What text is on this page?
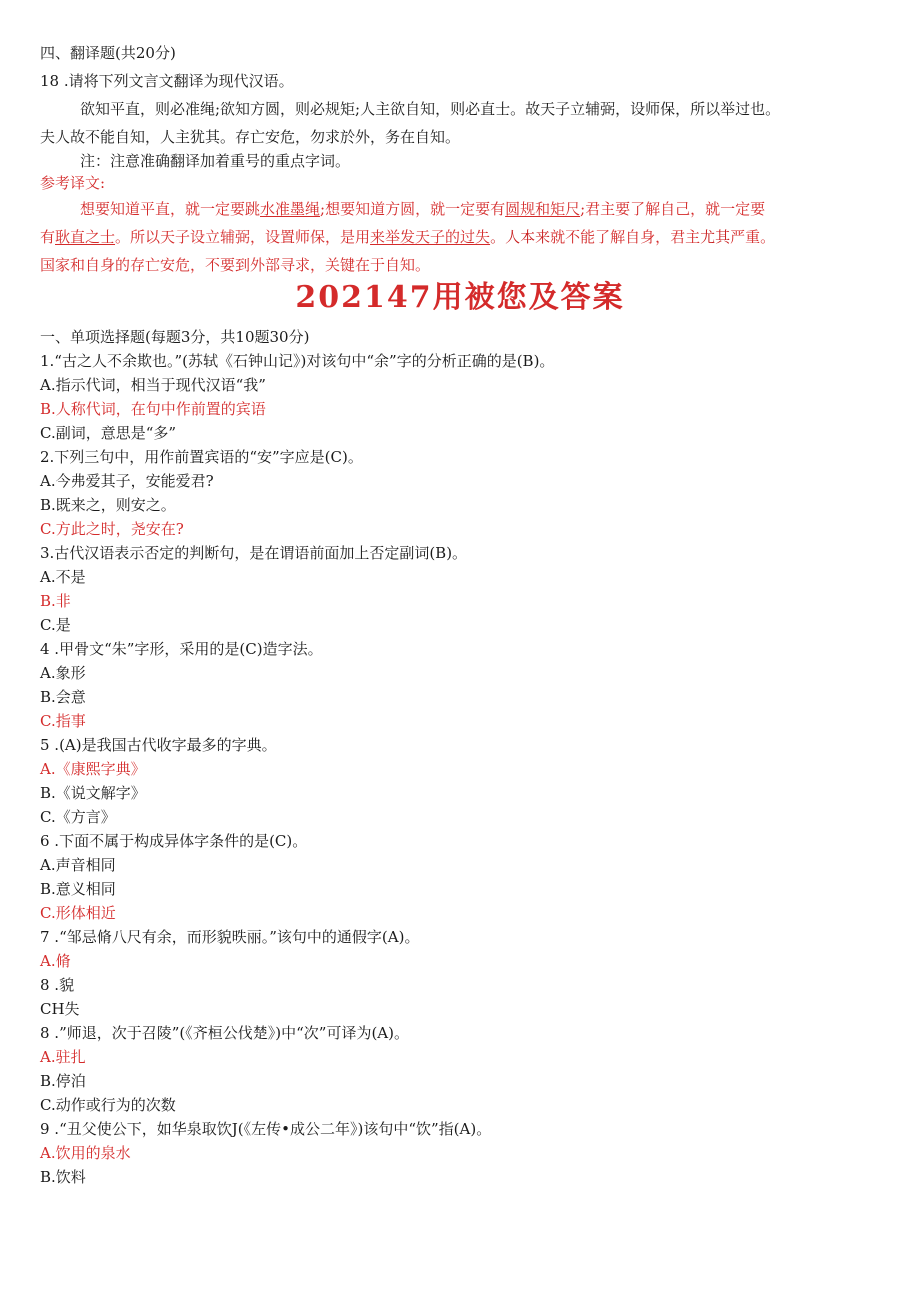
四、翻译题(共20分)
18 .请将下列文言文翻译为现代汉语。
欲知平直，则必准绳;欲知方圆，则必规矩;人主欲自知，则必直士。故天子立辅弼，设师保，所以举过也。
夫人故不能自知，人主犹其。存亡安危，勿求於外，务在自知。
注：注意准确翻译加着重号的重点字词。
参考译文:
想要知道平直，就一定要跳水准墨绳;想要知道方圆，就一定要有圆规和矩尺;君主要了解自己，就一定要
有耿直之士。所以天子设立辅弼，设置师保，是用来举发天子的过失。人本来就不能了解自身，君主尤其严重。
国家和自身的存亡安危，不要到外部寻求，关键在于自知。
202147用被您及答案
一、单项选择题(每题3分，共10题30分)
1.“古之人不余欺也。”(苏轼《石钟山记》)对该句中“余”字的分析正确的是(B)。
A.指示代词，相当于现代汉语“我”
B.人称代词，在句中作前置的宾语
C.副词，意思是“多”
2.下列三句中，用作前置宾语的“安”字应是(C)。
A.今弗爱其子，安能爱君?
B.既来之，则安之。
C.方此之时，尧安在?
3.古代汉语表示否定的判断句，是在谓语前面加上否定副词(B)。
A.不是
B.非
C.是
4 .甲骨文“朱”字形，采用的是(C)造字法。
A.象形
B.会意
C.指事
5 .(A)是我国古代收字最多的字典。
A.《康熙字典》
B.《说文解字》
C.《方言》
6 .下面不属于构成异体字条件的是(C)。
A.声音相同
B.意义相同
C.形体相近
7 .“邹忌脩八尺有余，而形貌昳丽。”该句中的通假字(A)。
A.脩
8 .貌
CH失
8 .”师退，次于召陵”(《齐桓公伐楚》)中“次”可译为(A)。
A.驻扎
B.停泊
C.动作或行为的次数
9 .“丑父使公下，如华泉取饮J(《左传•成公二年》)该句中“饮”指(A)。
A.饮用的泉水
B.饮料
